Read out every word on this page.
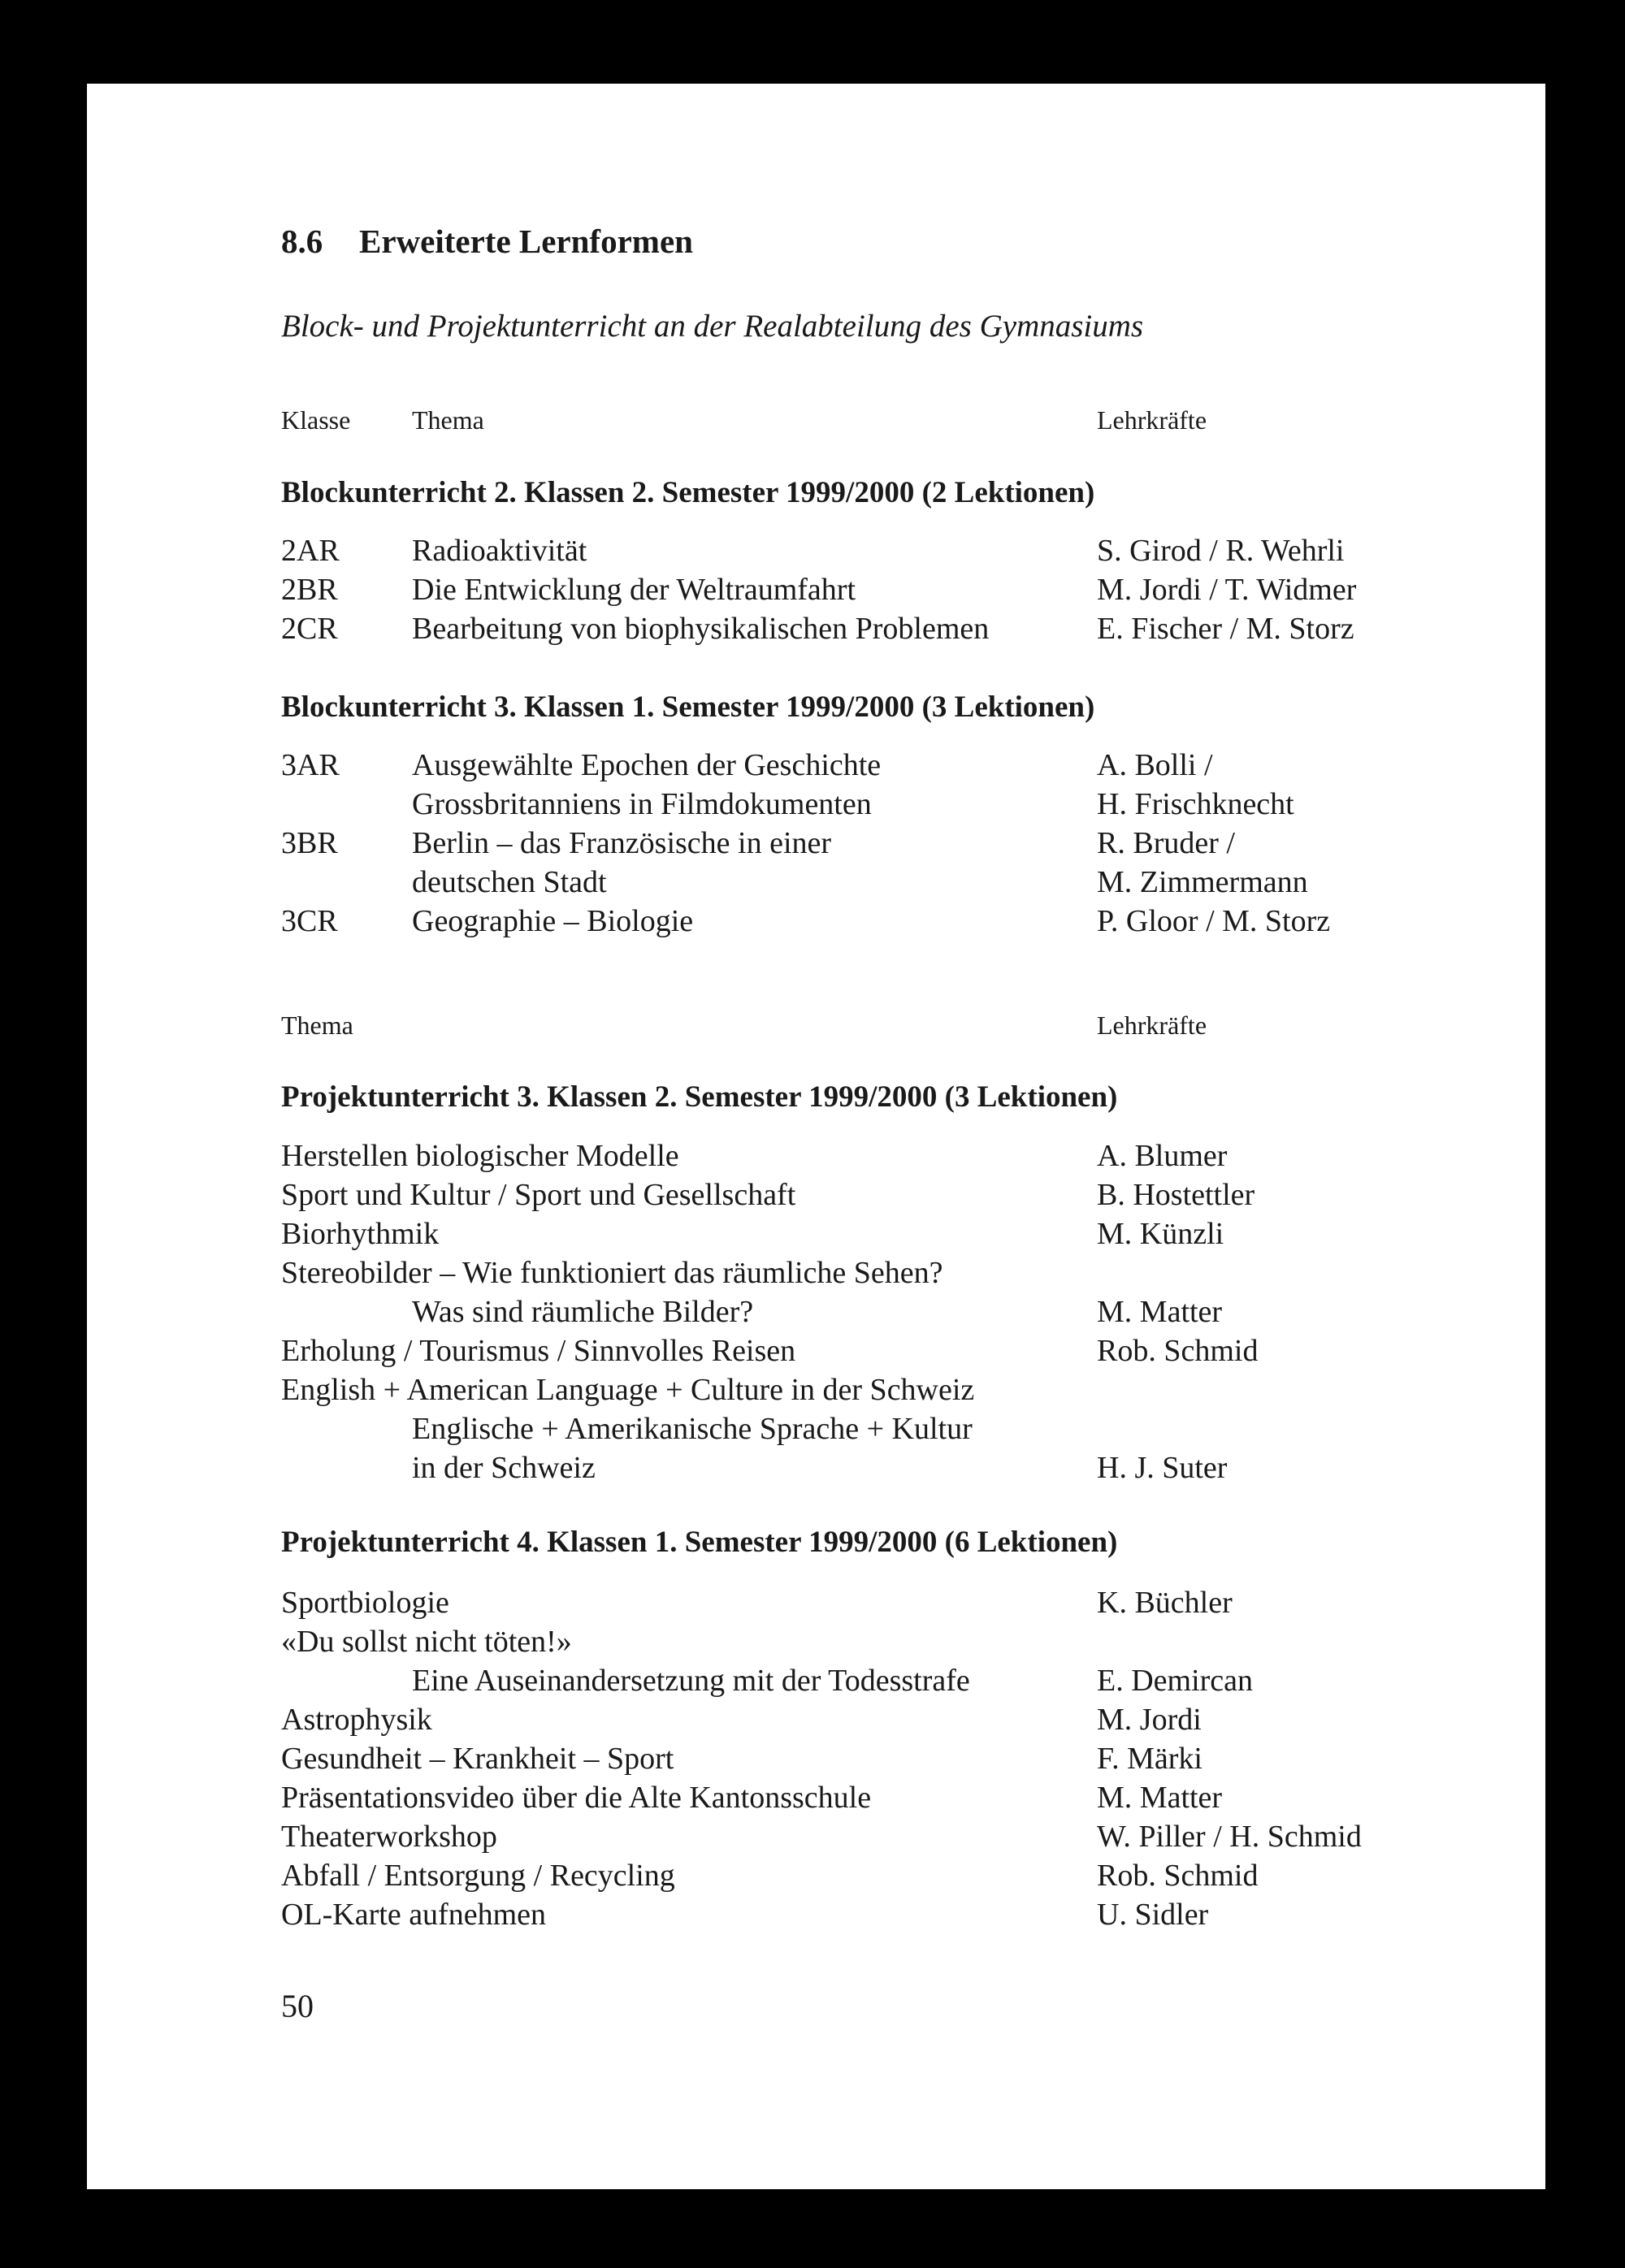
8.6 Erweiterte Lernformen
Block- und Projektunterricht an der Realabteilung des Gymnasiums
Klasse Thema	Lehrkräfte
Blockunterricht 2. Klassen 2. Semester 1999/2000 (2 Lektionen)
2AR Radioaktivität	S. Girod / R. Wehrli
2BR Die Entwicklung der Weltraumfahrt	M. Jordi / T. Widmer
2CR Bearbeitung von biophysikalischen Problemen	E. Fischer / M. Storz
Blockunterricht 3. Klassen 1. Semester 1999/2000 (3 Lektionen)
3AR Ausgewählte Epochen der Geschichte	A. Bolli /
Grossbritanniens in Filmdokumenten	H. Frischknecht
3BR Berlin – das Französische in einer	R. Bruder /
deutschen Stadt	M. Zimmermann
3CR Geographie – Biologie	P. Gloor / M. Storz
Thema	Lehrkräfte
Projektunterricht 3. Klassen 2. Semester 1999/2000 (3 Lektionen)
Herstellen biologischer Modelle	A. Blumer
Sport und Kultur / Sport und Gesellschaft	B. Hostettler
Biorhythmik	M. Künzli
Stereobilder – Wie funktioniert das räumliche Sehen?
Was sind räumliche Bilder?	M. Matter
Erholung / Tourismus / Sinnvolles Reisen	Rob. Schmid
English + American Language + Culture in der Schweiz
Englische + Amerikanische Sprache + Kultur
in der Schweiz	H. J. Suter
Projektunterricht 4. Klassen 1. Semester 1999/2000 (6 Lektionen)
Sportbiologie	K. Büchler
«Du sollst nicht töten!»
Eine Auseinandersetzung mit der Todesstrafe	E. Demircan
Astrophysik	M. Jordi
Gesundheit – Krankheit – Sport	F. Märki
Präsentationsvideo über die Alte Kantonsschule	M. Matter
Theaterworkshop	W. Piller / H. Schmid
Abfall / Entsorgung / Recycling	Rob. Schmid
OL-Karte aufnehmen	U. Sidler
50
